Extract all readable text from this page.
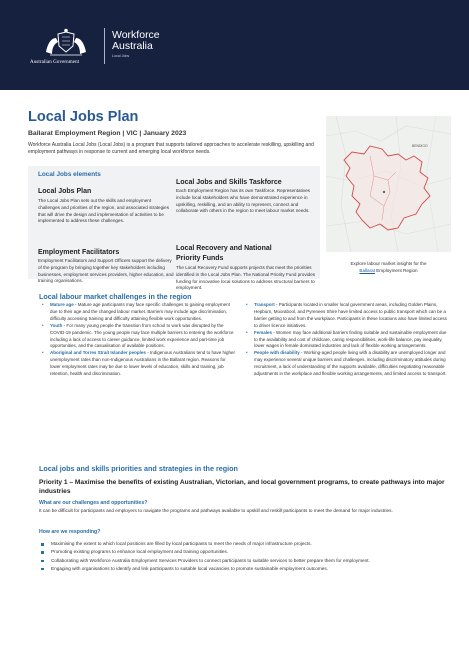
Australian Government
Workforce
Australia
Local Jobs
Local Jobs Plan
Ballarat Employment Region | VIC | January 2023
Workforce Australia Local Jobs (Local Jobs) is a program that supports tailored approaches to accelerate reskilling, upskilling and employment pathways in response to current and emerging local workforce needs.
Local Jobs elements
Local Jobs Plan
The Local Jobs Plan sets out the skills and employment challenges and priorities of the region, and associated strategies that will drive the design and implementation of activities to be implemented to address these challenges.
Employment Facilitators
Employment Facilitators and Support Officers support the delivery of the program by bringing together key stakeholders including businesses, employment services providers, higher education, and training organisations.
Local Jobs and Skills Taskforce
Each Employment Region has its own Taskforce. Representatives include local stakeholders who have demonstrated experience in upskilling, reskilling, and an ability to represent, connect and collaborate with others in the region to meet labour market needs.
Local Recovery and National
Priority Funds
The Local Recovery Fund supports projects that meet the priorities identified in the Local Jobs Plan. The National Priority Fund provides funding for innovative local solutions to address structural barriers to employment.
BENDIGO
Explore labour market insights for the
Ballarat Employment Region
Local labour market challenges in the region
• Mature age - Mature age participants may face specific challenges to gaining employment due to their age and the changed labour market. Barriers may include age discrimination, difficulty accessing training and difficulty attaining flexible work opportunities.
• Youth - For many young people the transition from school to work was disrupted by the COVID-19 pandemic. The young people may face multiple barriers to entering the workforce including a lack of access to career guidance, limited work experience and part-time job opportunities, and the casualisation of available positions.
• Aboriginal and Torres Strait Islander peoples - Indigenous Australians tend to have higher unemployment rates than non-Indigenous Australians in the Ballarat region. Reasons for lower employment rates may be due to lower levels of education, skills and training, job retention, health and discrimination.
• Transport - Participants located in smaller local government areas, including Golden Plains, Hepburn, Moorabool, and Pyrenees Shire have limited access to public transport which can be a barrier getting to and from the workplace. Participants in these locations also have limited access to driver licence initiatives.
• Females - Women may face additional barriers finding suitable and sustainable employment due to the availability and cost of childcare, caring responsibilities, work-life balance, pay inequality, lower wages in female dominated industries and lack of flexible working arrangements.
• People with disability - Working-aged people living with a disability are unemployed longer and may experience several unique barriers and challenges, including discriminatory attitudes during recruitment, a lack of understanding of the supports available, difficulties negotiating reasonable adjustments in the workplace and flexible working arrangements, and limited access to transport.
Local jobs and skills priorities and strategies in the region
Priority 1 – Maximise the benefits of existing Australian, Victorian, and local government programs, to create pathways into major industries
What are our challenges and opportunities?
It can be difficult for participants and employers to navigate the programs and pathways available to upskill and reskill participants to meet the demand for major industries.
How are we responding?
Maximising the extent to which local positions are filled by local participants to meet the needs of major infrastructure projects.
Promoting existing programs to enhance local employment and training opportunities.
Collaborating with Workforce Australia Employment Services Providers to connect participants to suitable services to better prepare them for employment.
Engaging with organisations to identify and link participants to suitable local vacancies to promote sustainable employment outcomes.
